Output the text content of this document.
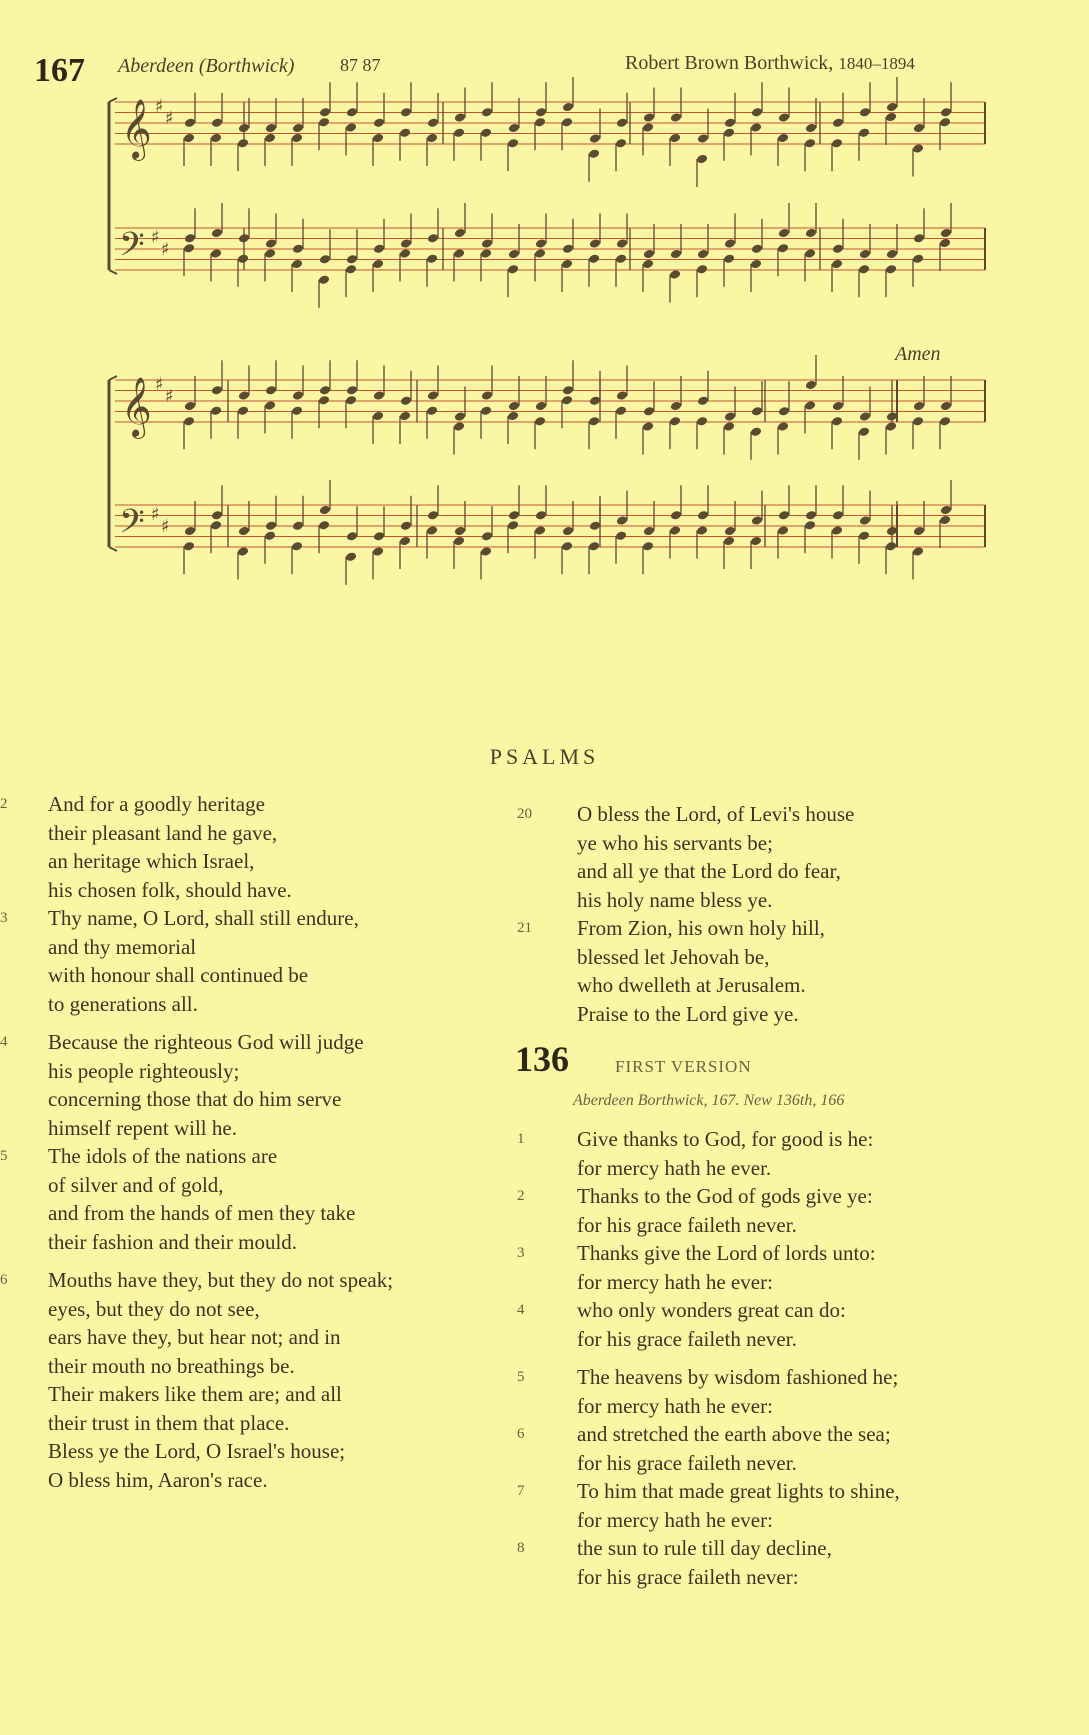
167 Aberdeen (Borthwick)	87 87	Robert Brown Borthwick, 1840–1894
Amen
𝄞
𝄢
♯
♯
♯
♯
𝄞
𝄢
♯
♯
♯
♯
PSALMS
2	And for a goodly heritage
their pleasant land he gave,
an heritage which Israel,
his chosen folk, should have.
3	Thy name, O Lord, shall still endure,
and thy memorial
with honour shall continued be
to generations all.
4	Because the righteous God will judge
his people righteously;
concerning those that do him serve
himself repent will he.
5	The idols of the nations are
of silver and of gold,
and from the hands of men they take
their fashion and their mould.
6	Mouths have they, but they do not speak;
eyes, but they do not see,
ears have they, but hear not; and in
their mouth no breathings be.
Their makers like them are; and all
their trust in them that place.
Bless ye the Lord, O Israel's house;
O bless him, Aaron's race.
20	O bless the Lord, of Levi's house
ye who his servants be;
and all ye that the Lord do fear,
his holy name bless ye.
21	From Zion, his own holy hill,
blessed let Jehovah be,
who dwelleth at Jerusalem.
Praise to the Lord give ye.
136	FIRST VERSION
Aberdeen Borthwick, 167. New 136th, 166
1	Give thanks to God, for good is he:
for mercy hath he ever.
2	Thanks to the God of gods give ye:
for his grace faileth never.
3	Thanks give the Lord of lords unto:
for mercy hath he ever:
4	who only wonders great can do:
for his grace faileth never.
5	The heavens by wisdom fashioned he;
for mercy hath he ever:
6	and stretched the earth above the sea;
for his grace faileth never.
7	To him that made great lights to shine,
for mercy hath he ever:
8	the sun to rule till day decline,
for his grace faileth never:
